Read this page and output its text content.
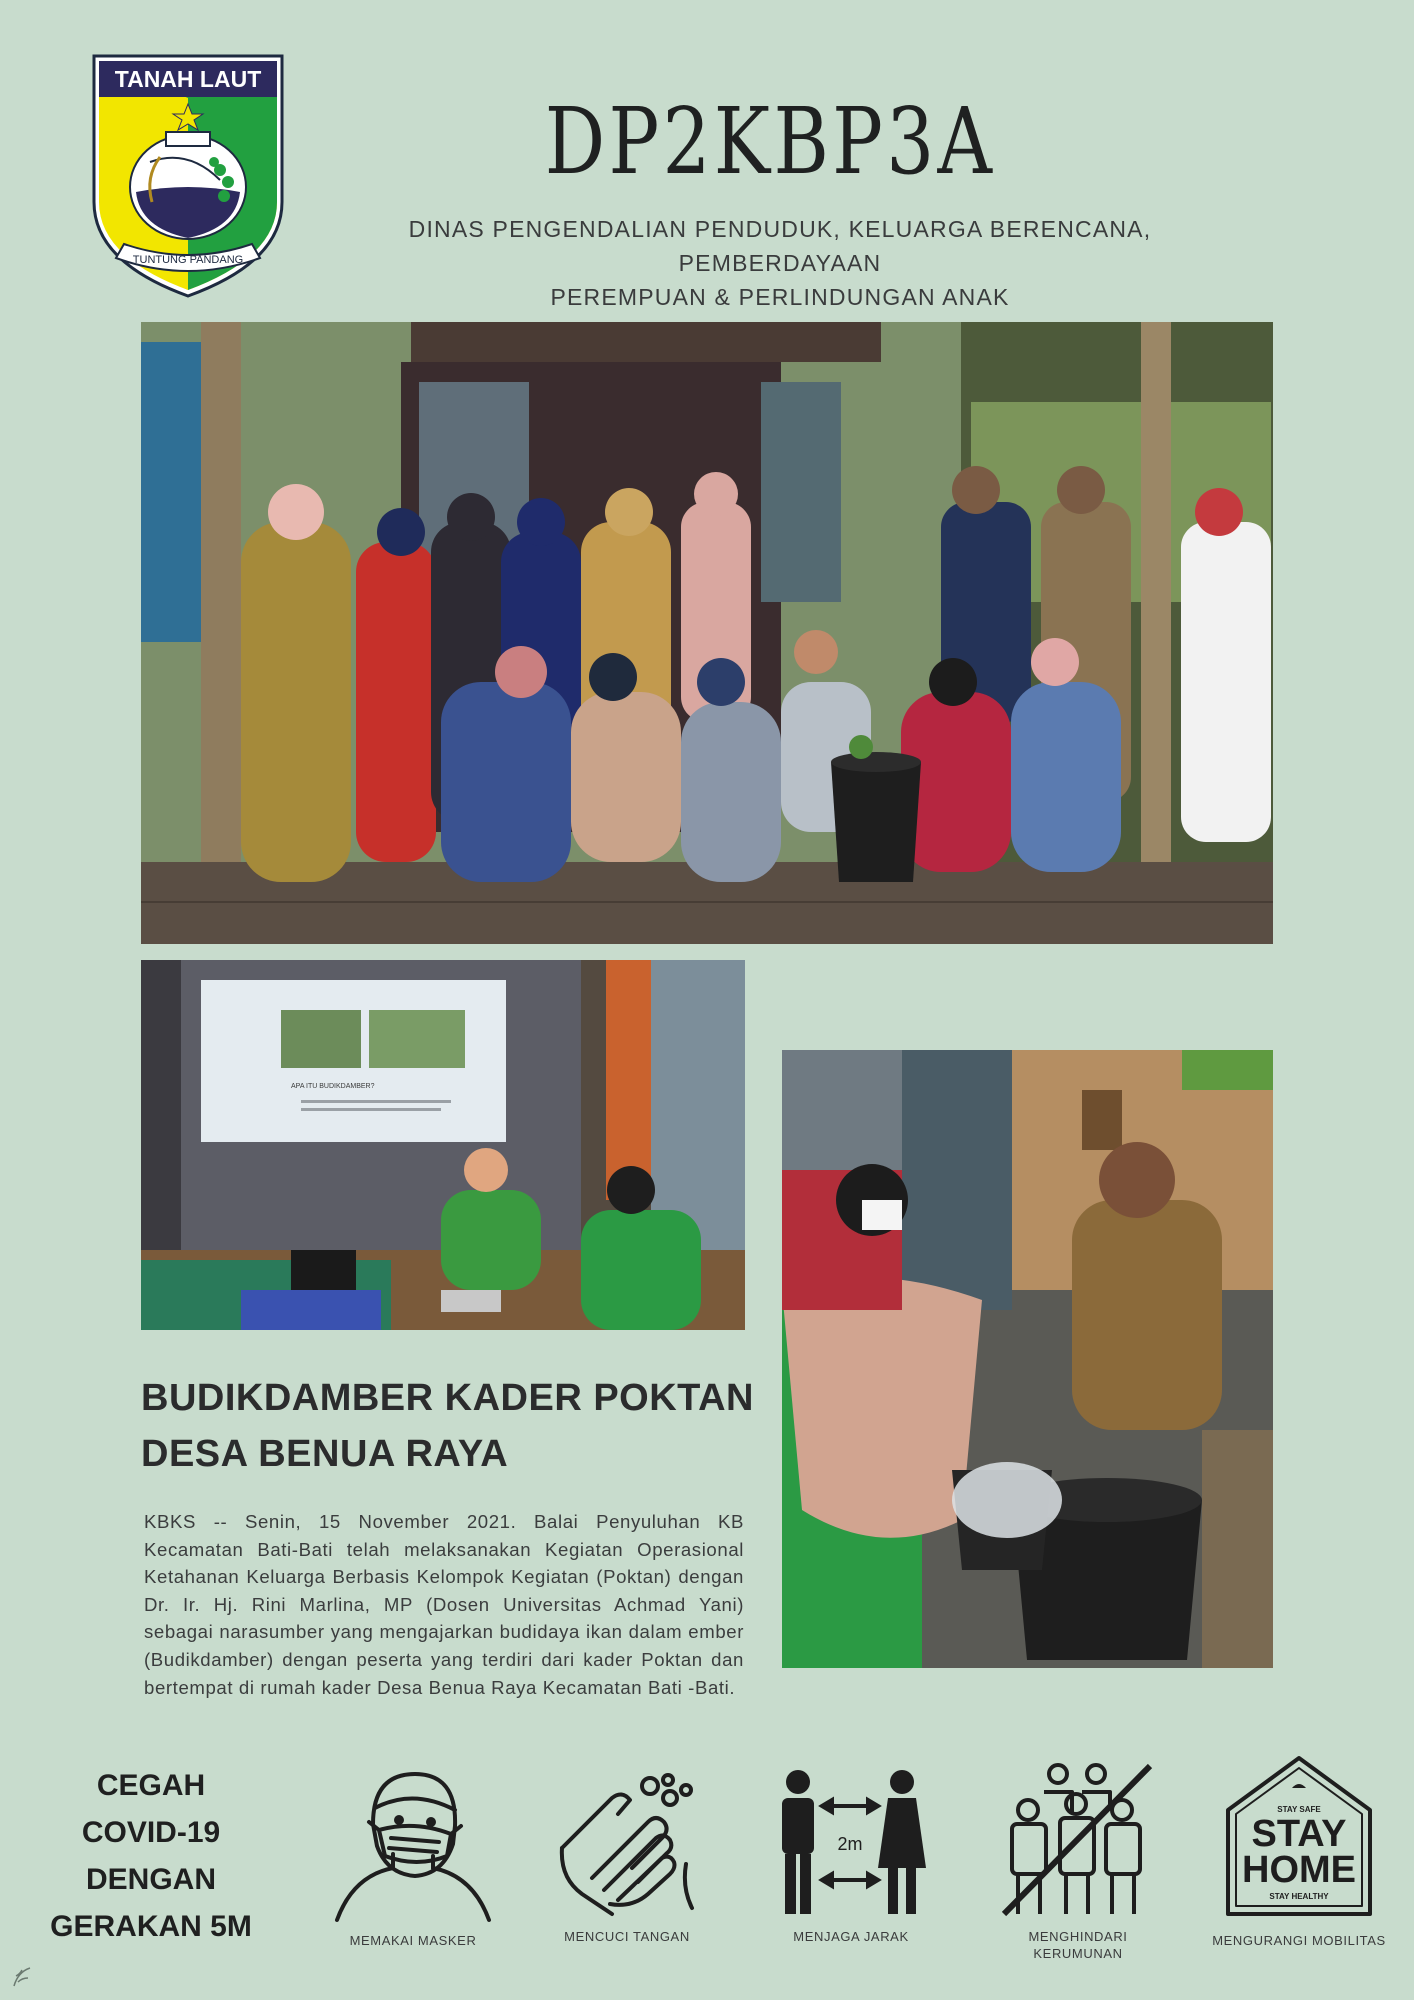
TANAH LAUT
TUNTUNG PANDANG
DP2KBP3A
DINAS PENGENDALIAN PENDUDUK, KELUARGA BERENCANA, PEMBERDAYAAN
PEREMPUAN & PERLINDUNGAN ANAK
APA ITU BUDIKDAMBER?
BUDIKDAMBER KADER POKTAN
DESA BENUA RAYA
KBKS -- Senin, 15 November 2021. Balai Penyuluhan KB Kecamatan Bati-Bati telah melaksanakan Kegiatan Operasional Ketahanan Keluarga Berbasis Kelompok Kegiatan (Poktan) dengan Dr. Ir. Hj. Rini Marlina, MP (Dosen Universitas Achmad Yani) sebagai narasumber yang mengajarkan budidaya ikan dalam ember (Budikdamber) dengan peserta yang terdiri dari kader Poktan dan bertempat di rumah kader Desa Benua Raya Kecamatan Bati -Bati.
CEGAH
COVID-19
DENGAN
GERAKAN 5M	MEMAKAI MASKER	MENCUCI TANGAN
2m
MENJAGA JARAK	MENGHINDARI
KERUMUNAN
STAY SAFE
STAY
HOME
STAY HEALTHY
MENGURANGI MOBILITAS
